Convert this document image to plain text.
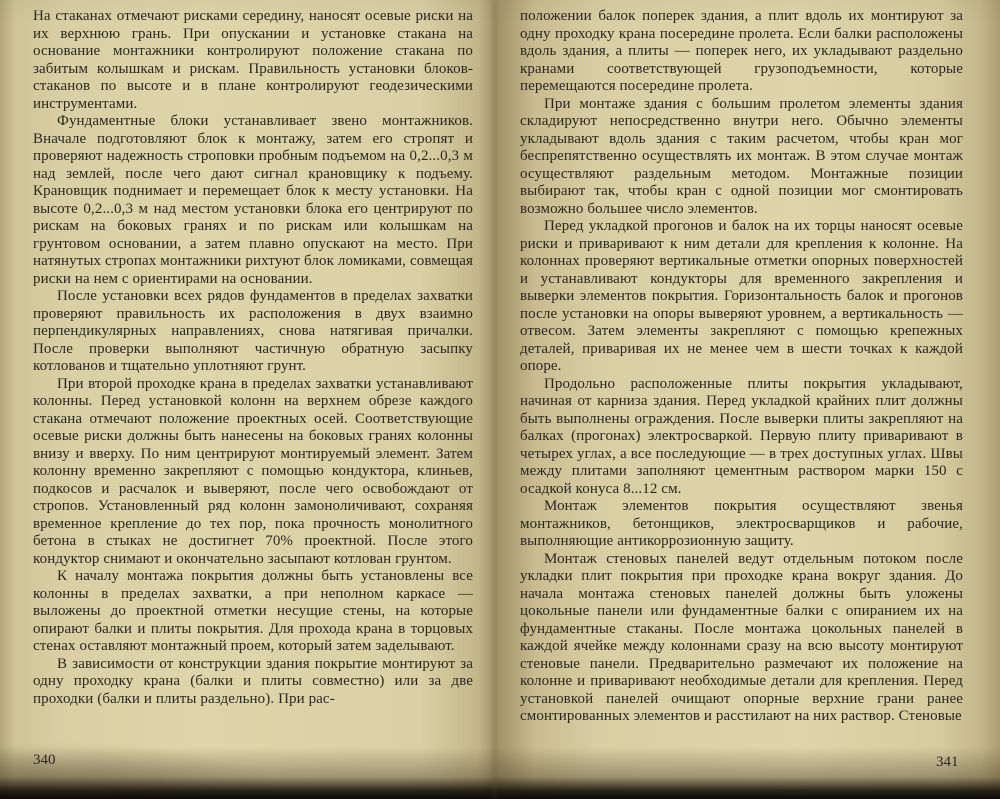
На стаканах отмечают рисками середину, наносят осевые риски на их верхнюю грань. При опускании и установке стакана на основание монтажники контролируют положение стакана по забитым колышкам и рискам. Правильность установки блоков-стаканов по высоте и в плане контролируют геодезическими инструментами.

Фундаментные блоки устанавливает звено монтажников. Вначале подготовляют блок к монтажу, затем его стропят и проверяют надежность строповки пробным подъемом на 0,2...0,3 м над землей, после чего дают сигнал крановщику к подъему. Крановщик поднимает и перемещает блок к месту установки. На высоте 0,2...0,3 м над местом установки блока его центрируют по рискам на боковых гранях и по рискам или колышкам на грунтовом основании, а затем плавно опускают на место. При натянутых стропах монтажники рихтуют блок ломиками, совмещая риски на нем с ориентирами на основании.

После установки всех рядов фундаментов в пределах захватки проверяют правильность их расположения в двух взаимно перпендикулярных направлениях, снова натягивая причалки. После проверки выполняют частичную обратную засыпку котлованов и тщательно уплотняют грунт.

При второй проходке крана в пределах захватки устанавливают колонны. Перед установкой колонн на верхнем обрезе каждого стакана отмечают положение проектных осей. Соответствующие осевые риски должны быть нанесены на боковых гранях колонны внизу и вверху. По ним центрируют монтируемый элемент. Затем колонну временно закрепляют с помощью кондуктора, клиньев, подкосов и расчалок и выверяют, после чего освобождают от стропов. Установленный ряд колонн замоноличивают, сохраняя временное крепление до тех пор, пока прочность монолитного бетона в стыках не достигнет 70% проектной. После этого кондуктор снимают и окончательно засыпают котлован грунтом.

К началу монтажа покрытия должны быть установлены все колонны в пределах захватки, а при неполном каркасе — выложены до проектной отметки несущие стены, на которые опирают балки и плиты покрытия. Для прохода крана в торцовых стенах оставляют монтажный проем, который затем заделывают.

В зависимости от конструкции здания покрытие монтируют за одну проходку крана (балки и плиты совместно) или за две проходки (балки и плиты раздельно). При рас-

340

положении балок поперек здания, а плит вдоль их монтируют за одну проходку крана посередине пролета. Если балки расположены вдоль здания, а плиты — поперек него, их укладывают раздельно кранами соответствующей грузоподъемности, которые перемещаются посередине пролета.

При монтаже здания с большим пролетом элементы здания складируют непосредственно внутри него. Обычно элементы укладывают вдоль здания с таким расчетом, чтобы кран мог беспрепятственно осуществлять их монтаж. В этом случае монтаж осуществляют раздельным методом. Монтажные позиции выбирают так, чтобы кран с одной позиции мог смонтировать возможно большее число элементов.

Перед укладкой прогонов и балок на их торцы наносят осевые риски и приваривают к ним детали для крепления к колонне. На колоннах проверяют вертикальные отметки опорных поверхностей и устанавливают кондукторы для временного закрепления и выверки элементов покрытия. Горизонтальность балок и прогонов после установки на опоры выверяют уровнем, а вертикальность — отвесом. Затем элементы закрепляют с помощью крепежных деталей, приваривая их не менее чем в шести точках к каждой опоре.

Продольно расположенные плиты покрытия укладывают, начиная от карниза здания. Перед укладкой крайних плит должны быть выполнены ограждения. После выверки плиты закрепляют на балках (прогонах) электросваркой. Первую плиту приваривают в четырех углах, а все последующие — в трех доступных углах. Швы между плитами заполняют цементным раствором марки 150 с осадкой конуса 8...12 см.

Монтаж элементов покрытия осуществляют звенья монтажников, бетонщиков, электросварщиков и рабочие, выполняющие антикоррозионную защиту.

Монтаж стеновых панелей ведут отдельным потоком после укладки плит покрытия при проходке крана вокруг здания. До начала монтажа стеновых панелей должны быть уложены цокольные панели или фундаментные балки с опиранием их на фундаментные стаканы. После монтажа цокольных панелей в каждой ячейке между колоннами сразу на всю высоту монтируют стеновые панели. Предварительно размечают их положение на колонне и приваривают необходимые детали для крепления. Перед установкой панелей очищают опорные верхние грани ранее смонтированных элементов и расстилают на них раствор. Стеновые

341
